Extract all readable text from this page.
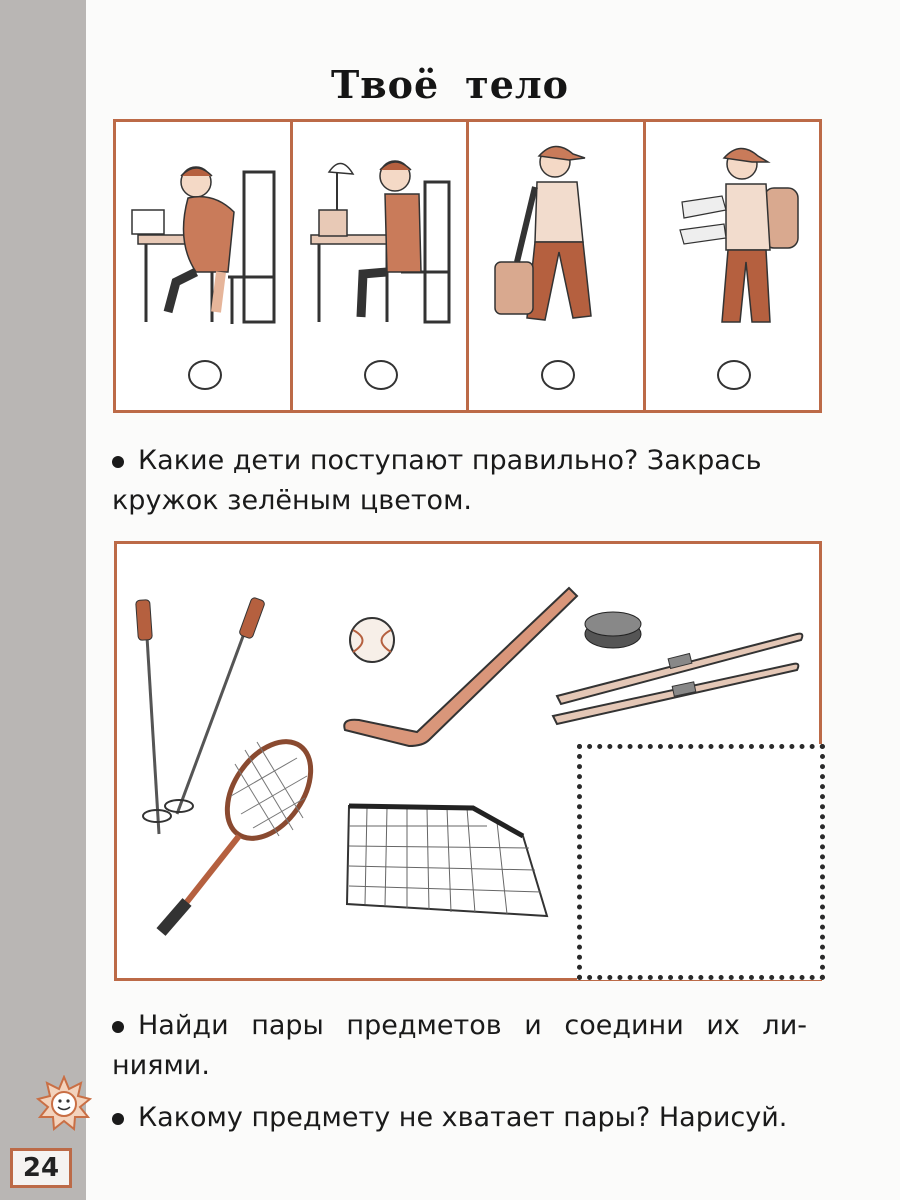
Твоё тело
Какие дети поступают правильно? Закрась
кружок зелёным цветом.
Найди пары предметов и соедини их ли-
ниями.
Какому предмету не хватает пары? Нарисуй.
24
